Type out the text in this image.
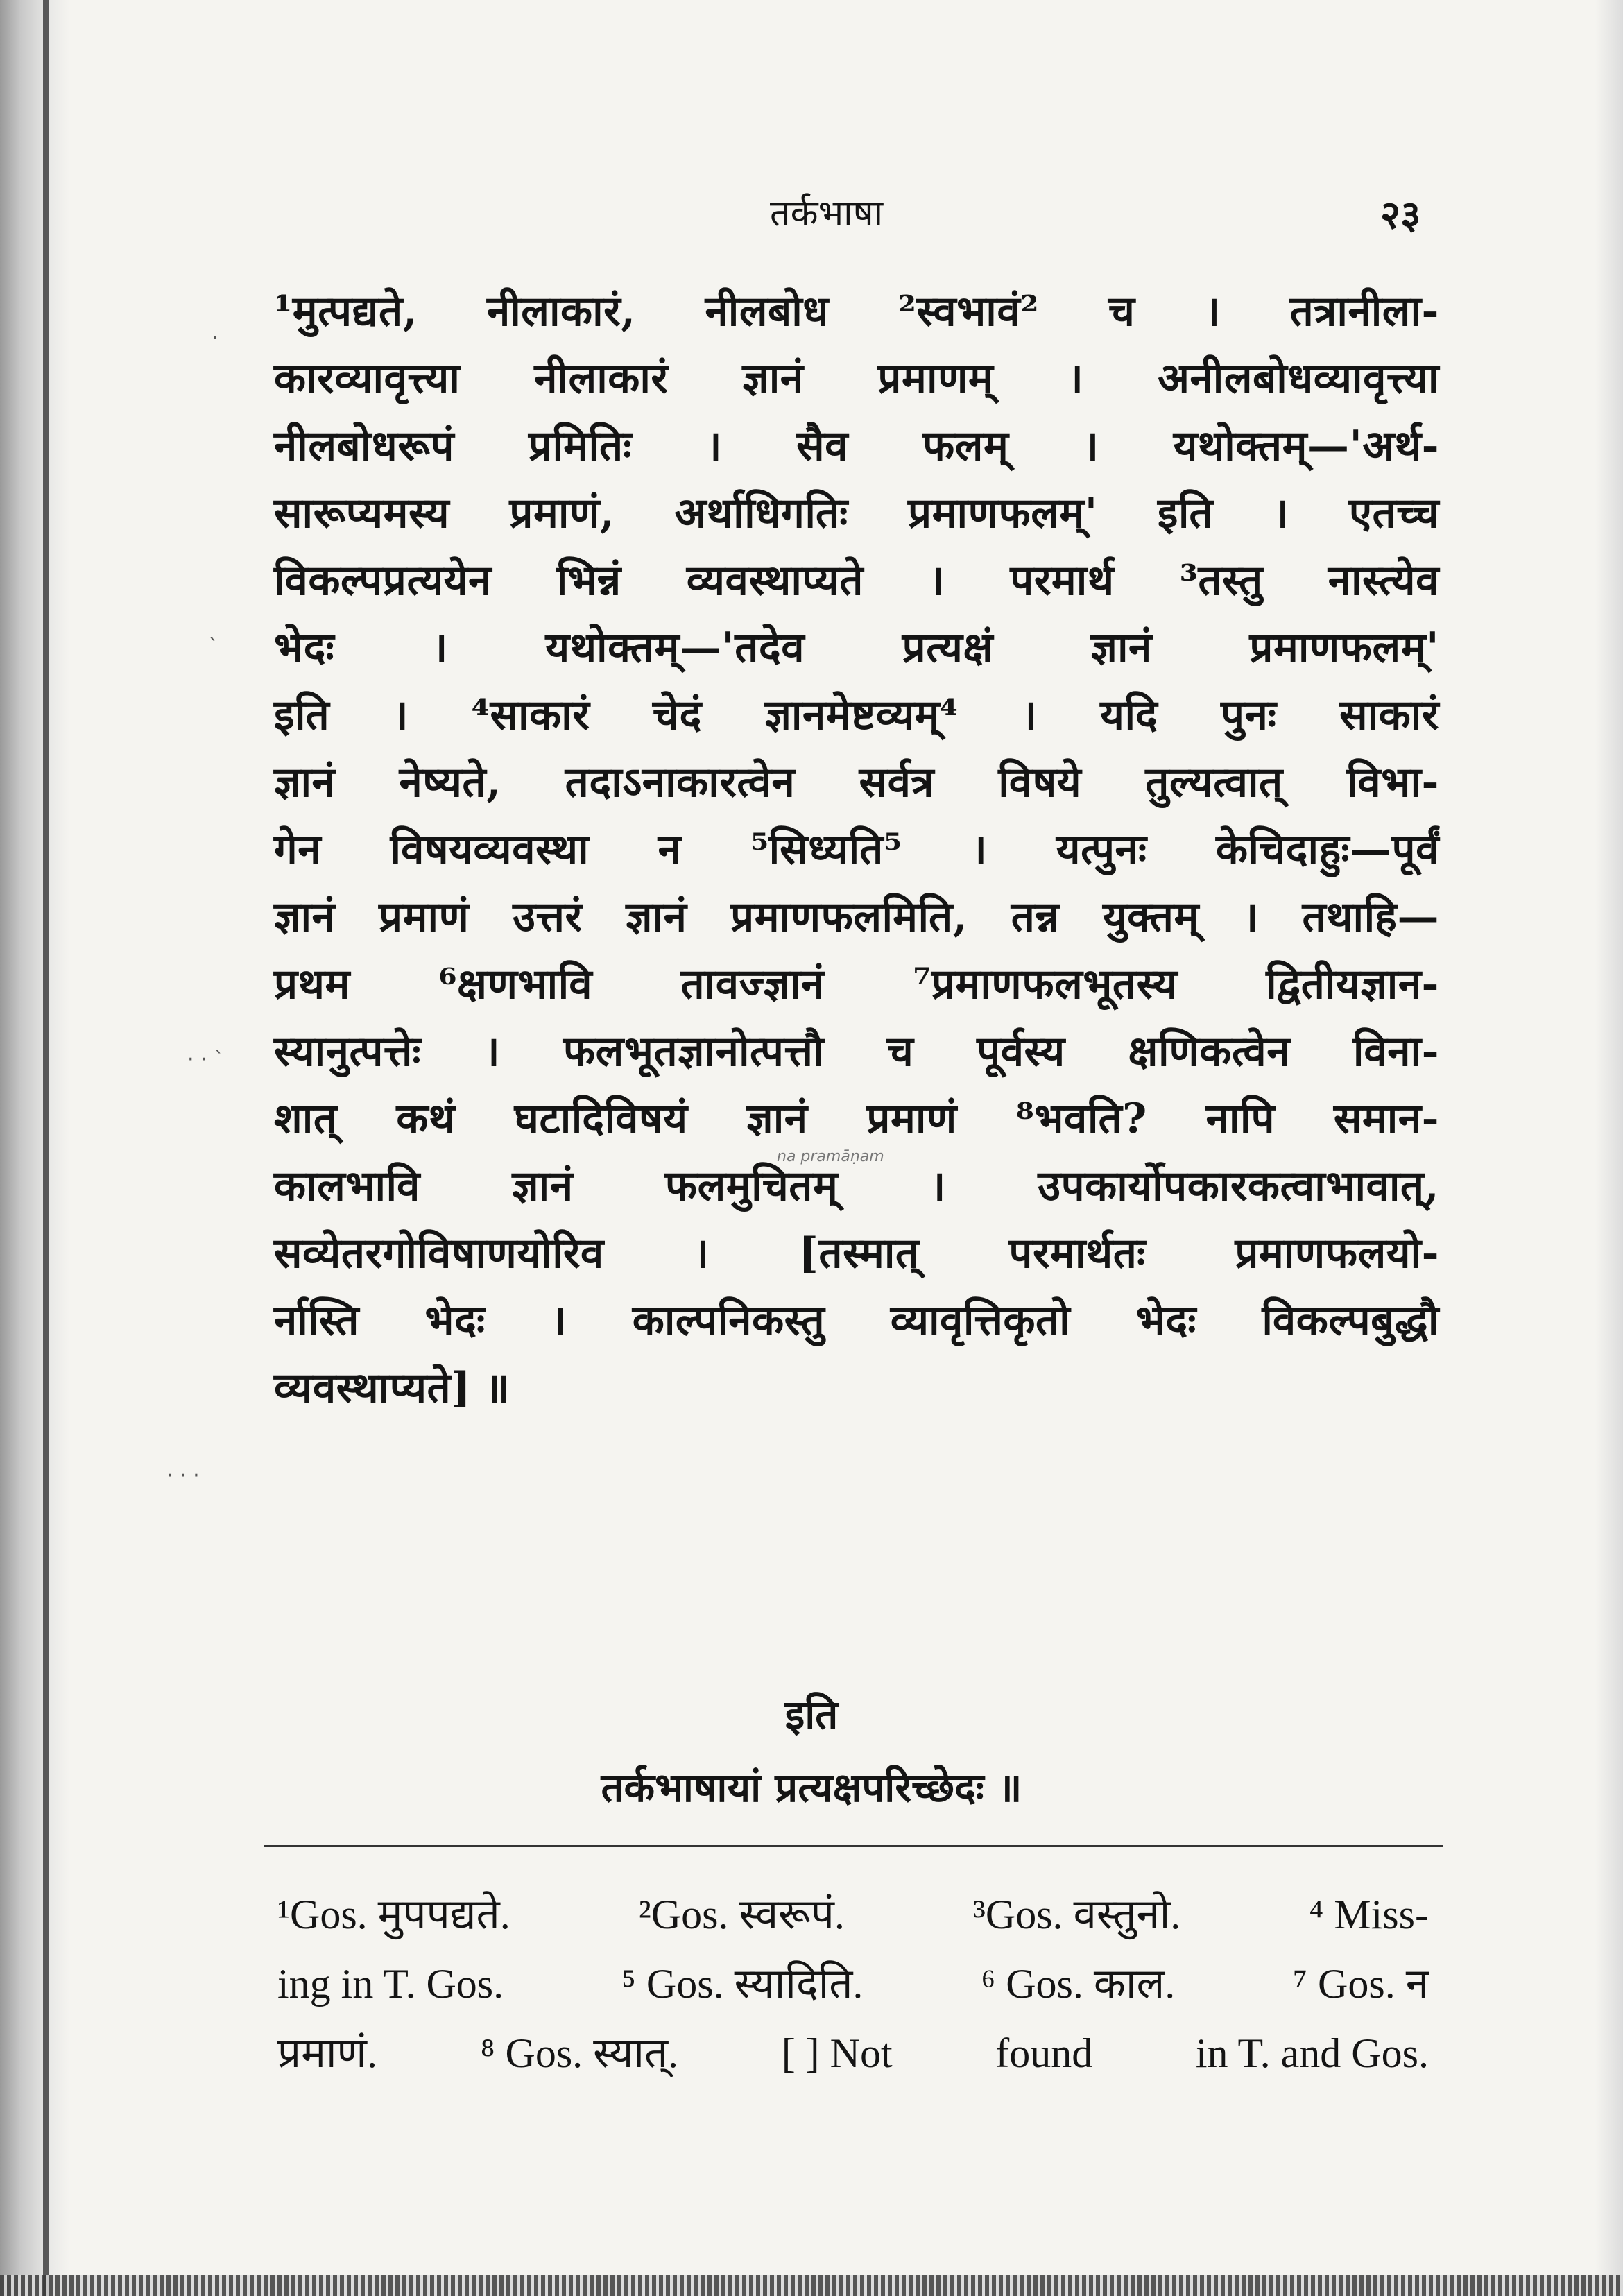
तर्कभाषा	२३
¹मुत्पद्यते, नीलाकारं, नीलबोध ²स्वभावं² च । तत्रानीला-
कारव्यावृत्त्या नीलाकारं ज्ञानं प्रमाणम् । अनीलबोधव्यावृत्त्या
नीलबोधरूपं प्रमितिः । सैव फलम् । यथोक्तम्—'अर्थ-
सारूप्यमस्य प्रमाणं, अर्थाधिगतिः प्रमाणफलम्' इति । एतच्च
विकल्पप्रत्ययेन भिन्नं व्यवस्थाप्यते । परमार्थ ³तस्तु नास्त्येव
भेदः । यथोक्तम्—'तदेव प्रत्यक्षं ज्ञानं प्रमाणफलम्'
इति । ⁴साकारं चेदं ज्ञानमेष्टव्यम्⁴ । यदि पुनः साकारं
ज्ञानं नेष्यते, तदाऽनाकारत्वेन सर्वत्र विषये तुल्यत्वात् विभा-
गेन विषयव्यवस्था न ⁵सिध्यति⁵ । यत्पुनः केचिदाहुः—पूर्वं
ज्ञानं प्रमाणं उत्तरं ज्ञानं प्रमाणफलमिति, तन्न युक्तम् । तथाहि—
प्रथम ⁶क्षणभावि तावज्ज्ञानं ⁷प्रमाणफलभूतस्य द्वितीयज्ञान-
स्यानुत्पत्तेः । फलभूतज्ञानोत्पत्तौ च पूर्वस्य क्षणिकत्वेन विना-
शात् कथं घटादिविषयं ज्ञानं प्रमाणं ⁸भवति? नापि समान-
कालभावि ज्ञानं फलमुचितम् । उपकार्योपकारकत्वाभावात्,
सव्येतरगोविषाणयोरिव । [तस्मात् परमार्थतः प्रमाणफलयो-
र्नास्ति भेदः । काल्पनिकस्तु व्यावृत्तिकृतो भेदः विकल्पबुद्धौ
व्यवस्थाप्यते] ॥
na pramāṇam
·
`
· · `
· · ·
इति
तर्कभाषायां प्रत्यक्षपरिच्छेदः ॥
¹Gos. मुपपद्यते.	²Gos. स्वरूपं.	³Gos. वस्तुनो.	⁴ Miss-
ing in T. Gos.	⁵ Gos. स्यादिति.	⁶ Gos. काल.	⁷ Gos. न
प्रमाणं. ⁸ Gos. स्यात्. [ ] Not found in T. and Gos.
